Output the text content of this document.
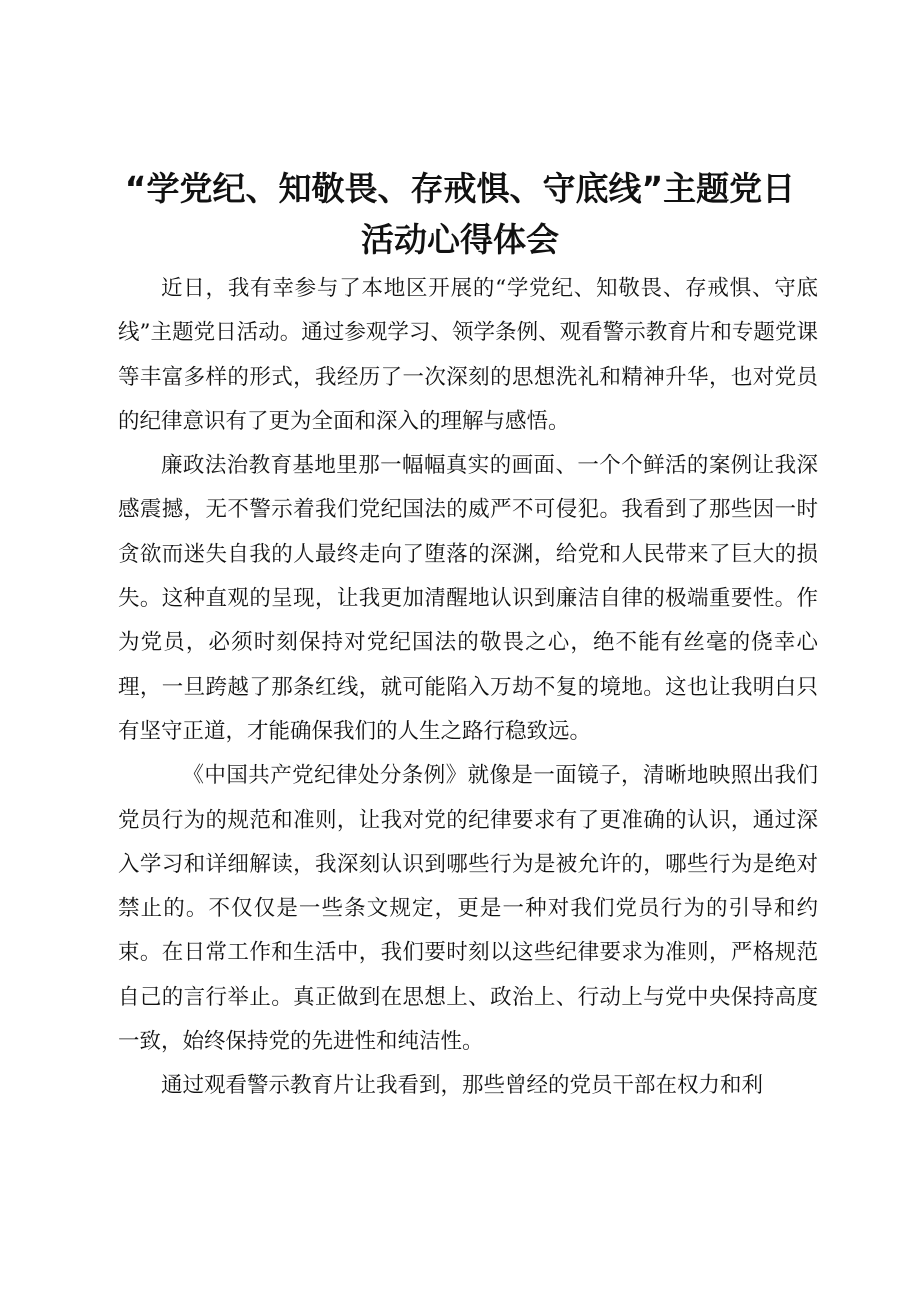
“学党纪、知敬畏、存戒惧、守底线”主题党日
活动心得体会

近日，我有幸参与了本地区开展的“学党纪、知敬畏、存戒惧、守底线”主题党日活动。通过参观学习、领学条例、观看警示教育片和专题党课等丰富多样的形式，我经历了一次深刻的思想洗礼和精神升华，也对党员的纪律意识有了更为全面和深入的理解与感悟。

廉政法治教育基地里那一幅幅真实的画面、一个个鲜活的案例让我深感震撼，无不警示着我们党纪国法的威严不可侵犯。我看到了那些因一时贪欲而迷失自我的人最终走向了堕落的深渊，给党和人民带来了巨大的损失。这种直观的呈现，让我更加清醒地认识到廉洁自律的极端重要性。作为党员，必须时刻保持对党纪国法的敬畏之心，绝不能有丝毫的侥幸心理，一旦跨越了那条红线，就可能陷入万劫不复的境地。这也让我明白只有坚守正道，才能确保我们的人生之路行稳致远。

《中国共产党纪律处分条例》就像是一面镜子，清晰地映照出我们党员行为的规范和准则，让我对党的纪律要求有了更准确的认识，通过深入学习和详细解读，我深刻认识到哪些行为是被允许的，哪些行为是绝对禁止的。不仅仅是一些条文规定，更是一种对我们党员行为的引导和约束。在日常工作和生活中，我们要时刻以这些纪律要求为准则，严格规范自己的言行举止。真正做到在思想上、政治上、行动上与党中央保持高度一致，始终保持党的先进性和纯洁性。

通过观看警示教育片让我看到，那些曾经的党员干部在权力和利
